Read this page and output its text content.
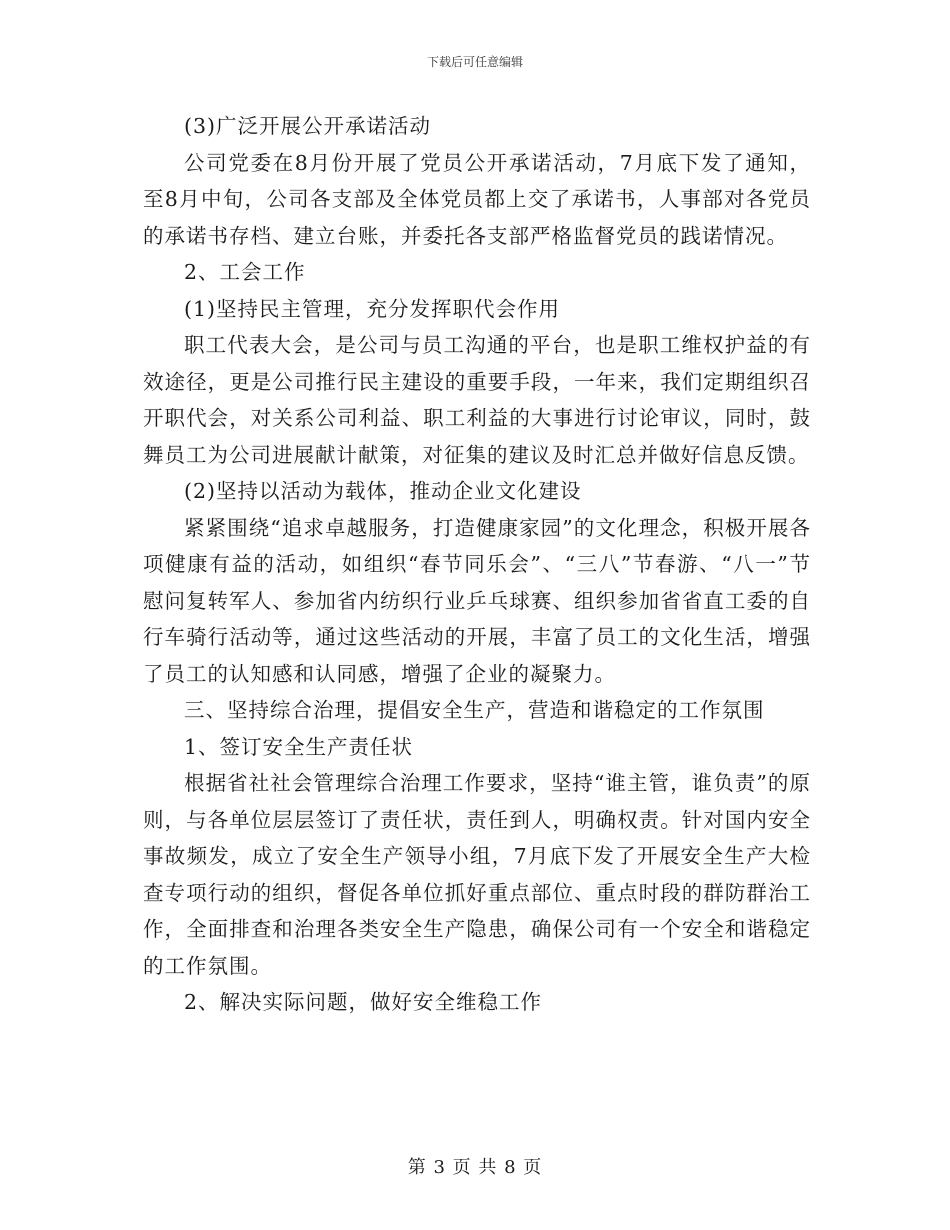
下载后可任意编辑

(3)广泛开展公开承诺活动

公司党委在8月份开展了党员公开承诺活动，7月底下发了通知，至8月中旬，公司各支部及全体党员都上交了承诺书，人事部对各党员的承诺书存档、建立台账，并委托各支部严格监督党员的践诺情况。

2、工会工作

(1)坚持民主管理，充分发挥职代会作用

职工代表大会，是公司与员工沟通的平台，也是职工维权护益的有效途径，更是公司推行民主建设的重要手段，一年来，我们定期组织召开职代会，对关系公司利益、职工利益的大事进行讨论审议，同时，鼓舞员工为公司进展献计献策，对征集的建议及时汇总并做好信息反馈。

(2)坚持以活动为载体，推动企业文化建设

紧紧围绕“追求卓越服务，打造健康家园”的文化理念，积极开展各项健康有益的活动，如组织“春节同乐会”、“三八”节春游、“八一”节慰问复转军人、参加省内纺织行业乒乓球赛、组织参加省省直工委的自行车骑行活动等，通过这些活动的开展，丰富了员工的文化生活，增强了员工的认知感和认同感，增强了企业的凝聚力。

三、坚持综合治理，提倡安全生产，营造和谐稳定的工作氛围

1、签订安全生产责任状

根据省社社会管理综合治理工作要求，坚持“谁主管，谁负责”的原则，与各单位层层签订了责任状，责任到人，明确权责。针对国内安全事故频发，成立了安全生产领导小组，7月底下发了开展安全生产大检查专项行动的组织，督促各单位抓好重点部位、重点时段的群防群治工作，全面排查和治理各类安全生产隐患，确保公司有一个安全和谐稳定的工作氛围。

2、解决实际问题，做好安全维稳工作

第 3 页 共 8 页
